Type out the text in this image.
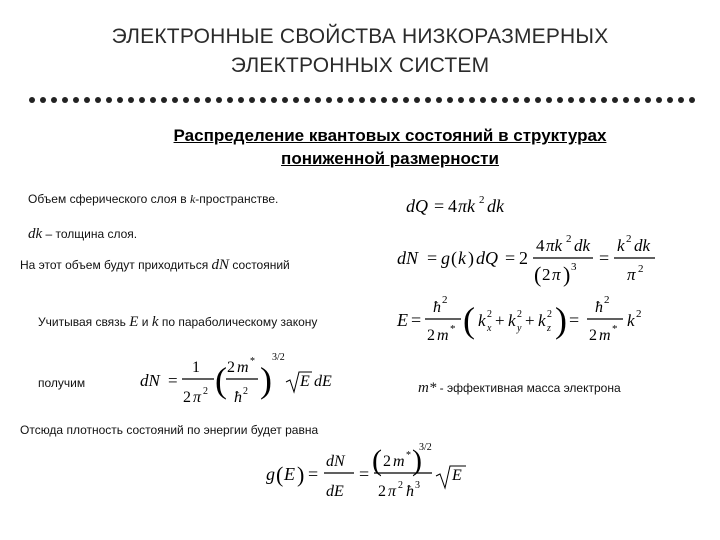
ЭЛЕКТРОННЫЕ СВОЙСТВА НИЗКОРАЗМЕРНЫХ
ЭЛЕКТРОННЫХ СИСТЕМ
Распределение квантовых состояний в структурах
пониженной размерности
Объем сферического слоя в k-пространстве.	dQ = 4 πk 2 dk
dk – толщина слоя.
На этот объем будут приходиться dN состояний	dN = g ( k ) dQ = 2
4 πk 2 dk
( 2 π ) 3 =
k 2 dk
π 2
Учитывая связь E и k по параболическому закону	E =
ħ 2
2 m * ( k 2
x + k 2
y + k 2
z ) =
ħ 2
2 m * k 2
получим	dN =
1
2 π 2 ( 2 m *
ħ 2 )
3/2
E dE	m* - эффективная масса электрона
Отсюда плотность состояний по энергии будет равна
g ( E ) =
dN
dE
= ( 2 m * )
3/2
2 π 2 ħ 3
E
